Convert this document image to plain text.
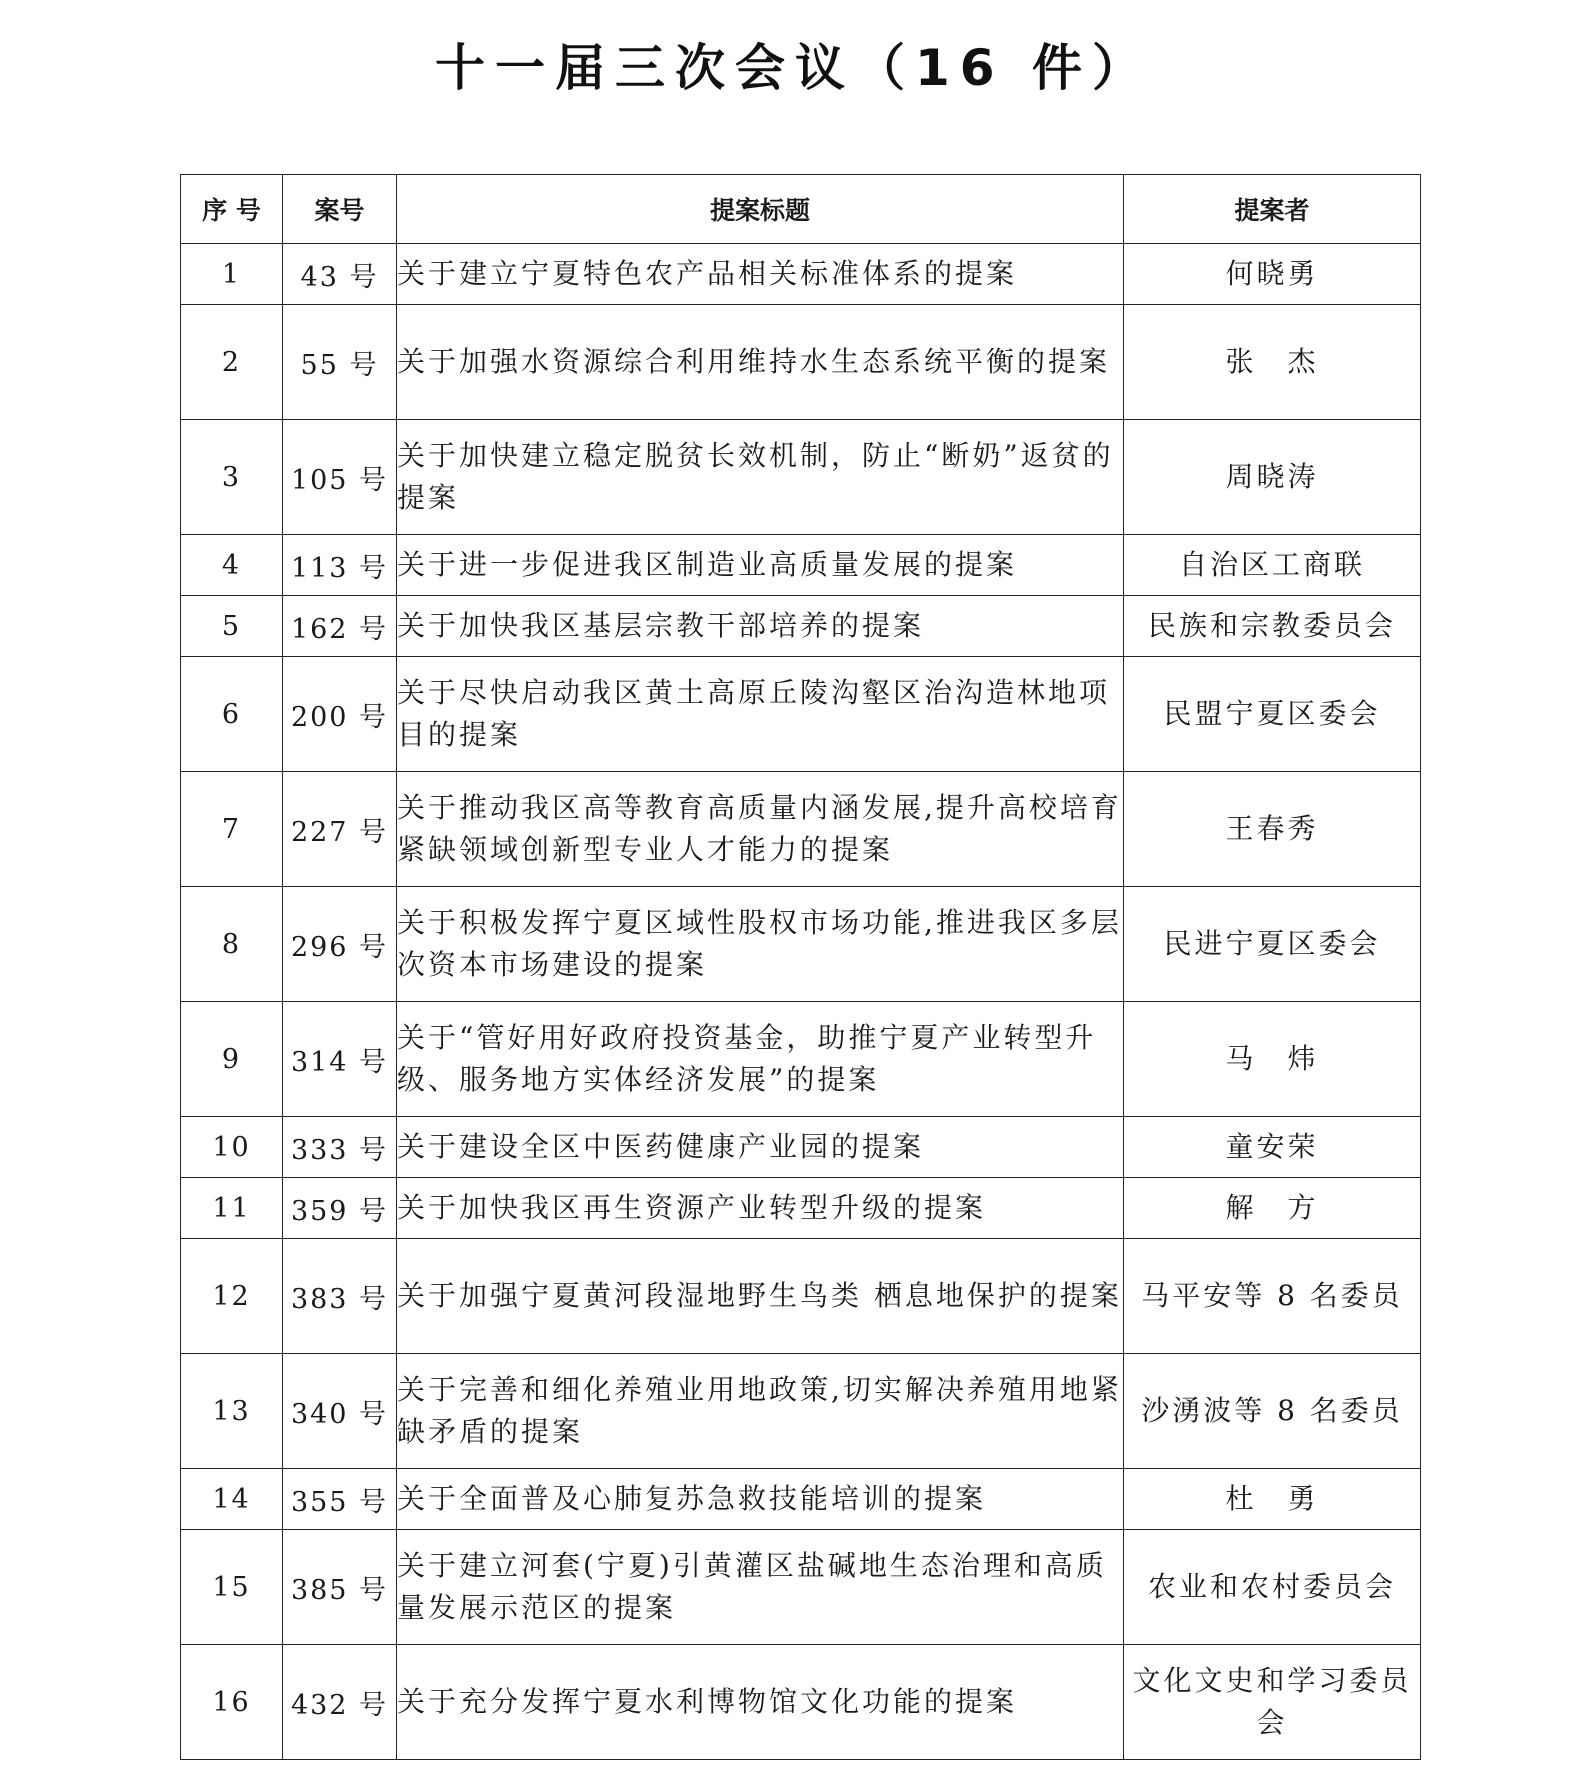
十一届三次会议（16 件）
序 号	案号	提案标题	提案者
1	43 号	关于建立宁夏特色农产品相关标准体系的提案	何晓勇
2	55 号	关于加强水资源综合利用维持水生态系统平衡的提案	张　杰
3	105 号	关于加快建立稳定脱贫长效机制，防止“断奶”返贫的提案	周晓涛
4	113 号	关于进一步促进我区制造业高质量发展的提案	自治区工商联
5	162 号	关于加快我区基层宗教干部培养的提案	民族和宗教委员会
6	200 号	关于尽快启动我区黄土高原丘陵沟壑区治沟造林地项目的提案	民盟宁夏区委会
7	227 号	关于推动我区高等教育高质量内涵发展,提升高校培育紧缺领域创新型专业人才能力的提案	王春秀
8	296 号	关于积极发挥宁夏区域性股权市场功能,推进我区多层次资本市场建设的提案	民进宁夏区委会
9	314 号	关于“管好用好政府投资基金，助推宁夏产业转型升级、服务地方实体经济发展”的提案	马　炜
10	333 号	关于建设全区中医药健康产业园的提案	童安荣
11	359 号	关于加快我区再生资源产业转型升级的提案	解　方
12	383 号	关于加强宁夏黄河段湿地野生鸟类 栖息地保护的提案	马平安等 8 名委员
13	340 号	关于完善和细化养殖业用地政策,切实解决养殖用地紧缺矛盾的提案	沙湧波等 8 名委员
14	355 号	关于全面普及心肺复苏急救技能培训的提案	杜　勇
15	385 号	关于建立河套(宁夏)引黄灌区盐碱地生态治理和高质量发展示范区的提案	农业和农村委员会
16	432 号	关于充分发挥宁夏水利博物馆文化功能的提案	文化文史和学习委员会
